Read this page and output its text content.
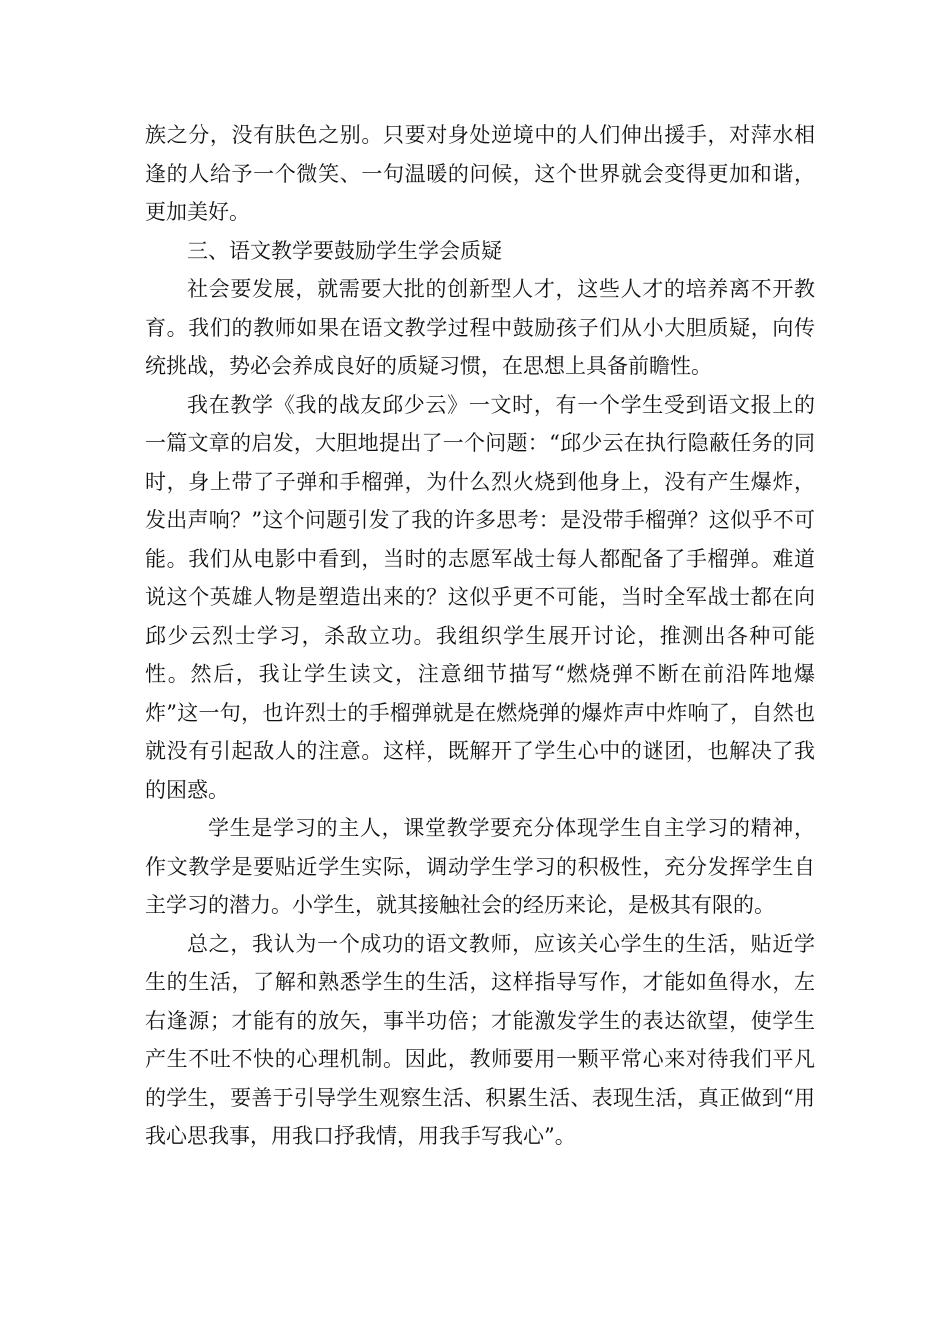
族之分，没有肤色之别。只要对身处逆境中的人们伸出援手，对萍水相逢的人给予一个微笑、一句温暖的问候，这个世界就会变得更加和谐，更加美好。

三、语文教学要鼓励学生学会质疑

社会要发展，就需要大批的创新型人才，这些人才的培养离不开教育。我们的教师如果在语文教学过程中鼓励孩子们从小大胆质疑，向传统挑战，势必会养成良好的质疑习惯，在思想上具备前瞻性。

我在教学《我的战友邱少云》一文时，有一个学生受到语文报上的一篇文章的启发，大胆地提出了一个问题：“邱少云在执行隐蔽任务的同时，身上带了子弹和手榴弹，为什么烈火烧到他身上，没有产生爆炸，发出声响？”这个问题引发了我的许多思考：是没带手榴弹？这似乎不可能。我们从电影中看到，当时的志愿军战士每人都配备了手榴弹。难道说这个英雄人物是塑造出来的？这似乎更不可能，当时全军战士都在向邱少云烈士学习，杀敌立功。我组织学生展开讨论，推测出各种可能性。然后，我让学生读文，注意细节描写“燃烧弹不断在前沿阵地爆炸”这一句，也许烈士的手榴弹就是在燃烧弹的爆炸声中炸响了，自然也就没有引起敌人的注意。这样，既解开了学生心中的谜团，也解决了我的困惑。

学生是学习的主人，课堂教学要充分体现学生自主学习的精神，作文教学是要贴近学生实际，调动学生学习的积极性，充分发挥学生自主学习的潜力。小学生，就其接触社会的经历来论，是极其有限的。

总之，我认为一个成功的语文教师，应该关心学生的生活，贴近学生的生活，了解和熟悉学生的生活，这样指导写作，才能如鱼得水，左右逢源；才能有的放矢，事半功倍；才能激发学生的表达欲望，使学生产生不吐不快的心理机制。因此，教师要用一颗平常心来对待我们平凡的学生，要善于引导学生观察生活、积累生活、表现生活，真正做到“用我心思我事，用我口抒我情，用我手写我心”。
